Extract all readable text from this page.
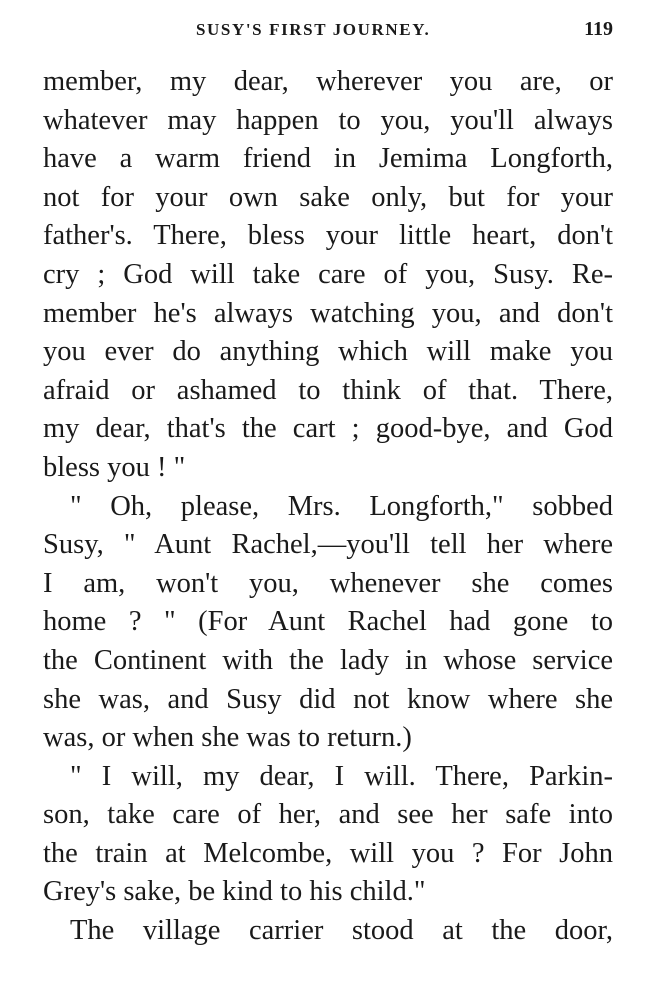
SUSY'S FIRST JOURNEY.	119
member, my dear, wherever you are, or
whatever may happen to you, you'll always
have a warm friend in Jemima Longforth,
not for your own sake only, but for your
father's. There, bless your little heart, don't
cry ; God will take care of you, Susy. Re-
member he's always watching you, and don't
you ever do anything which will make you
afraid or ashamed to think of that. There,
my dear, that's the cart ; good-bye, and God
bless you ! "
" Oh, please, Mrs. Longforth," sobbed
Susy, " Aunt Rachel,—you'll tell her where
I am, won't you, whenever she comes
home ? " (For Aunt Rachel had gone to
the Continent with the lady in whose service
she was, and Susy did not know where she
was, or when she was to return.)
" I will, my dear, I will. There, Parkin-
son, take care of her, and see her safe into
the train at Melcombe, will you ? For John
Grey's sake, be kind to his child."
The village carrier stood at the door,
